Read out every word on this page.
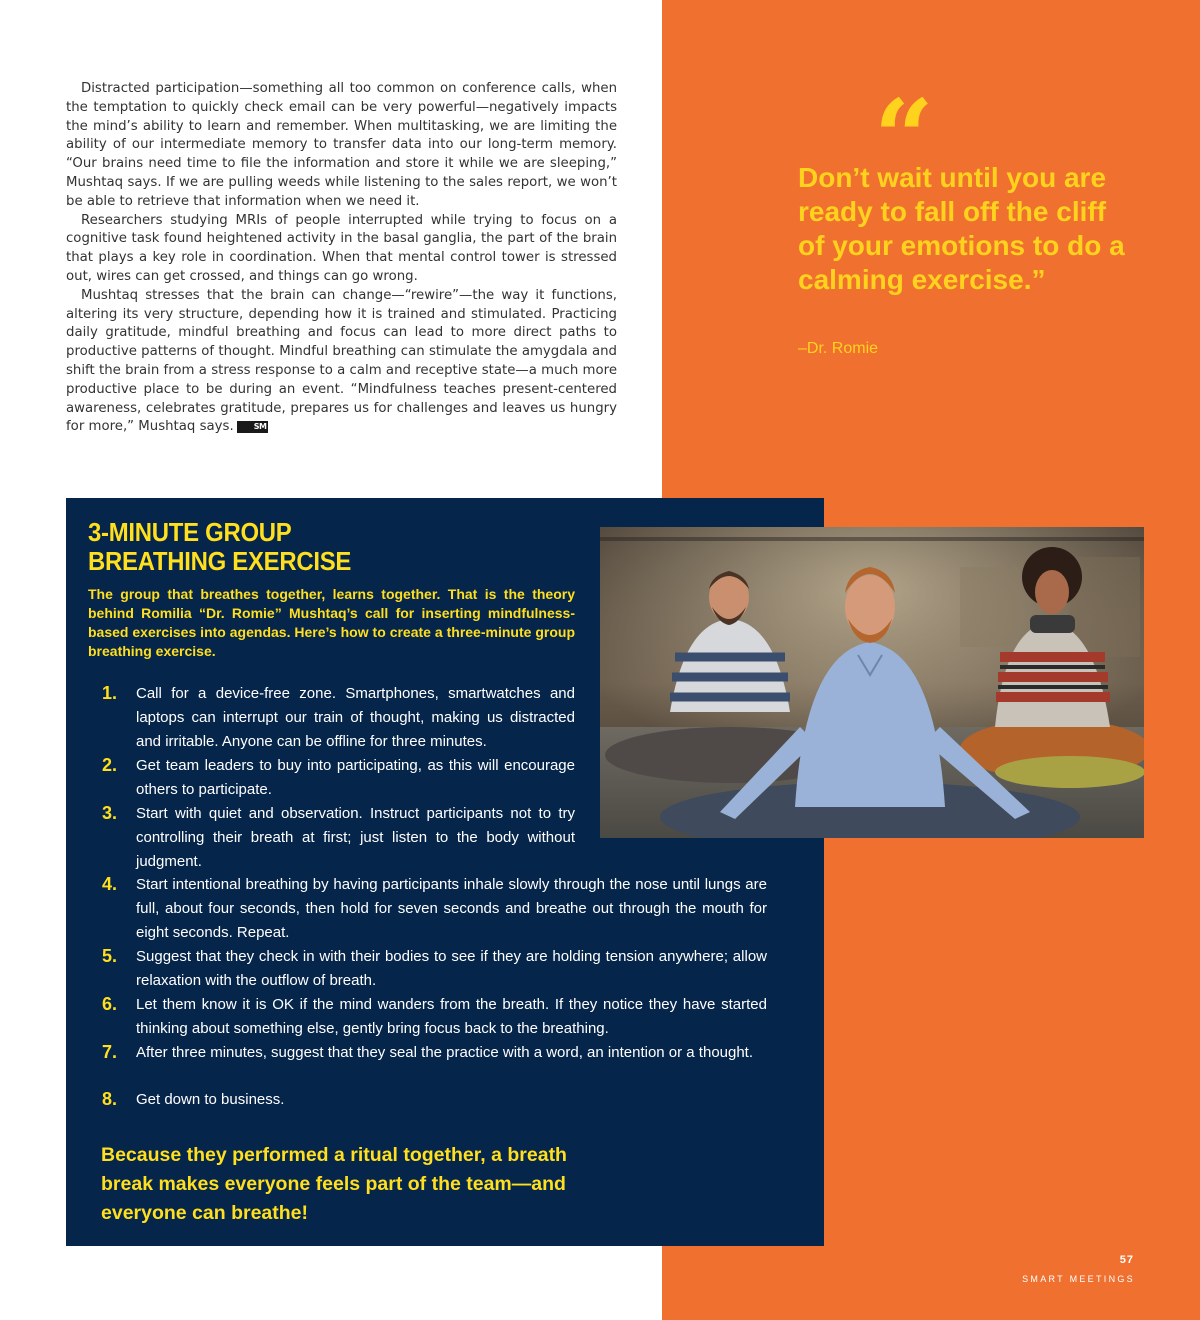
Distracted participation—something all too common on conference calls, when the temptation to quickly check email can be very powerful—negatively impacts the mind’s ability to learn and remember. When multitasking, we are limiting the ability of our intermediate memory to transfer data into our long-term memory. “Our brains need time to file the information and store it while we are sleeping,” Mushtaq says. If we are pulling weeds while listening to the sales report, we won’t be able to retrieve that information when we need it.

Researchers studying MRIs of people interrupted while trying to focus on a cognitive task found heightened activity in the basal ganglia, the part of the brain that plays a key role in coordination. When that mental control tower is stressed out, wires can get crossed, and things can go wrong.

Mushtaq stresses that the brain can change—“rewire”—the way it functions, altering its very structure, depending how it is trained and stimulated. Practicing daily gratitude, mindful breathing and focus can lead to more direct paths to productive patterns of thought. Mindful breathing can stimulate the amygdala and shift the brain from a stress response to a calm and receptive state—a much more productive place to be during an event. “Mindfulness teaches present-centered awareness, celebrates gratitude, prepares us for challenges and leaves us hungry for more,” Mushtaq says.	SM

“
Don’t wait until you are ready to fall off the cliff of your emotions to do a calming exercise.”
–Dr. Romie
3-MINUTE GROUP
BREATHING EXERCISE
The group that breathes together, learns together. That is the theory behind Romilia “Dr. Romie” Mushtaq’s call for inserting mindfulness-based exercises into agendas. Here’s how to create a three-minute group breathing exercise.
1. Call for a device-free zone. Smartphones, smartwatches and laptops can interrupt our train of thought, making us distracted and irritable. Anyone can be offline for three minutes.
2. Get team leaders to buy into participating, as this will encourage others to participate.
3. Start with quiet and observation. Instruct participants not to try controlling their breath at first; just listen to the body without judgment.
4. Start intentional breathing by having participants inhale slowly through the nose until lungs are full, about four seconds, then hold for seven seconds and breathe out through the mouth for eight seconds. Repeat.
5. Suggest that they check in with their bodies to see if they are holding tension anywhere; allow relaxation with the outflow of breath.
6. Let them know it is OK if the mind wanders from the breath. If they notice they have started thinking about something else, gently bring focus back to the breathing.
7. After three minutes, suggest that they seal the practice with a word, an intention or a thought.
8. Get down to business.
Because they performed a ritual together, a breath break makes everyone feels part of the team—and everyone can breathe!
57
SMART MEETINGS
